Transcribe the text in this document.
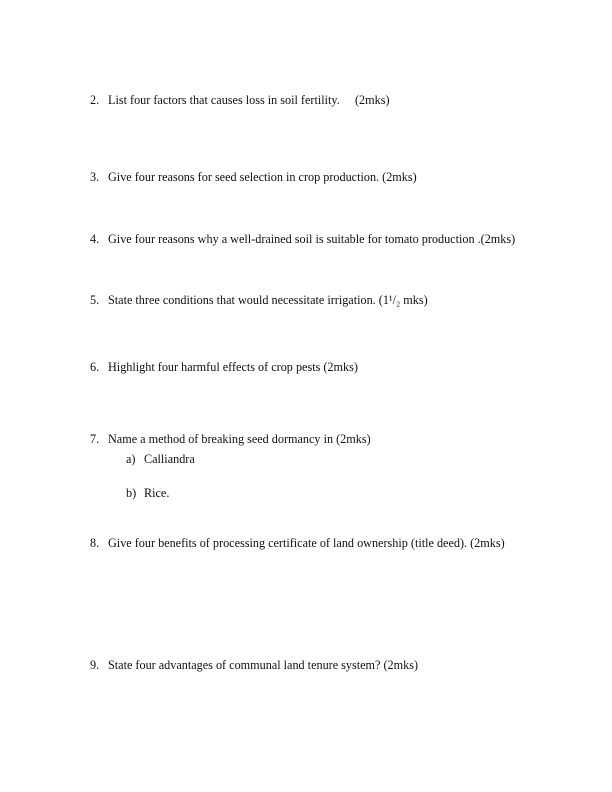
2. List four factors that causes loss in soil fertility.     (2mks)
3. Give four reasons for seed selection in crop production. (2mks)
4. Give four reasons why a well-drained soil is suitable for tomato production .(2mks)
5. State three conditions that would necessitate irrigation. (1¹/₂ mks)
6. Highlight four harmful effects of crop pests (2mks)
7. Name a method of breaking seed dormancy in (2mks)
a) Calliandra
b) Rice.
8. Give four benefits of processing certificate of land ownership (title deed). (2mks)
9. State four advantages of communal land tenure system? (2mks)
